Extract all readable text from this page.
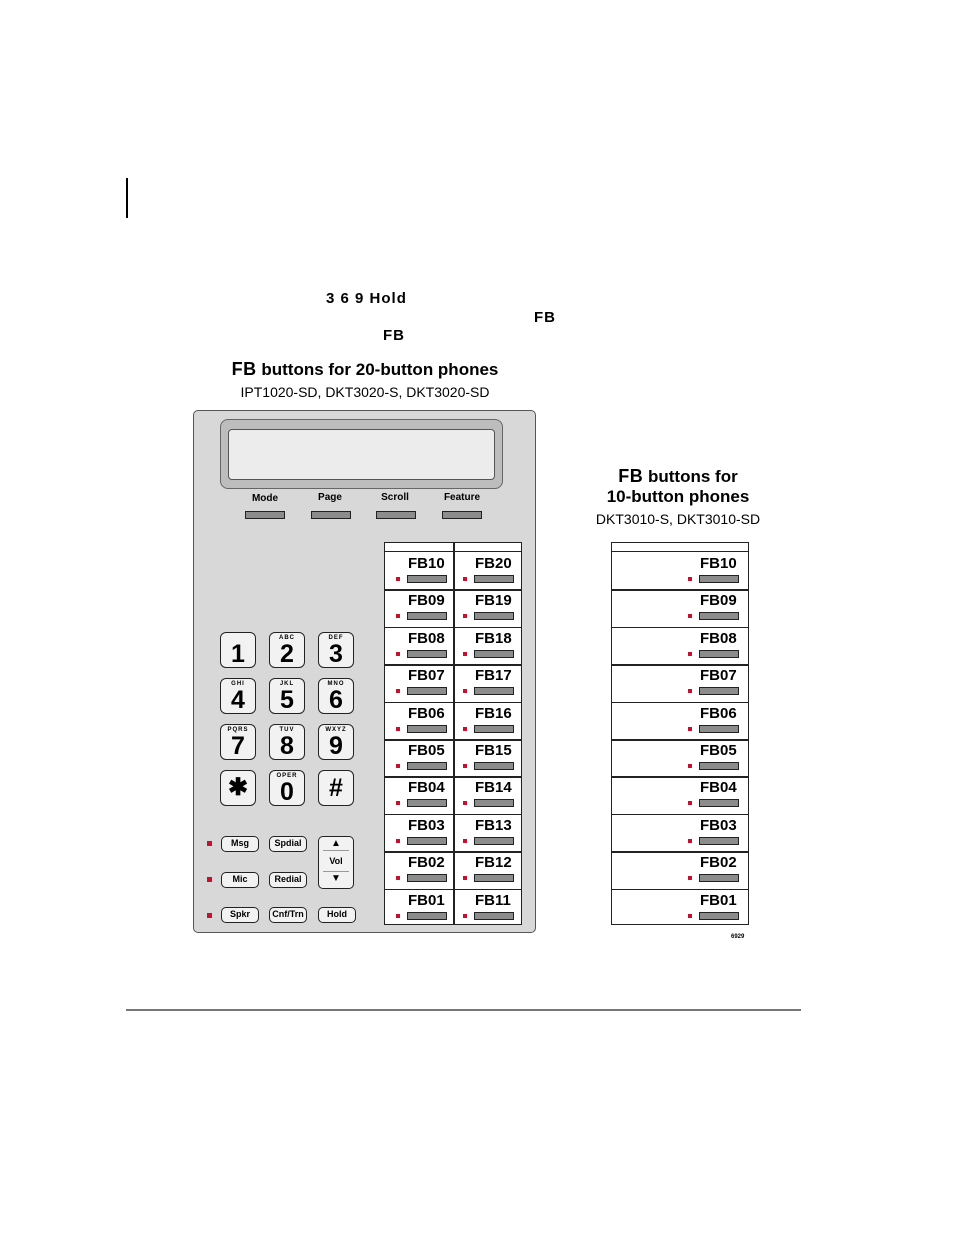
3 6 9 Hold
FB
FB
FB buttons for 20-button phones
IPT1020-SD, DKT3020-S, DKT3020-SD
Mode	Page	Scroll	Feature
1
ABC
2
DEF
3
GHI
4
JKL
5
MNO
6
PQRS
7
TUV
8
WXYZ
9
✱	OPER
0	#
Msg	Spdial
Mic	Redial
Spkr	Cnf/Trn	Hold
▲
Vol
▼
FB10 FB20
FB09 FB19
FB08 FB18
FB07 FB17
FB06 FB16
FB05 FB15
FB04 FB14
FB03 FB13
FB02 FB12
FB01 FB11
FB buttons for
10-button phones
DKT3010-S, DKT3010-SD
FB10
FB09
FB08
FB07
FB06
FB05
FB04
FB03
FB02
FB01
6929
